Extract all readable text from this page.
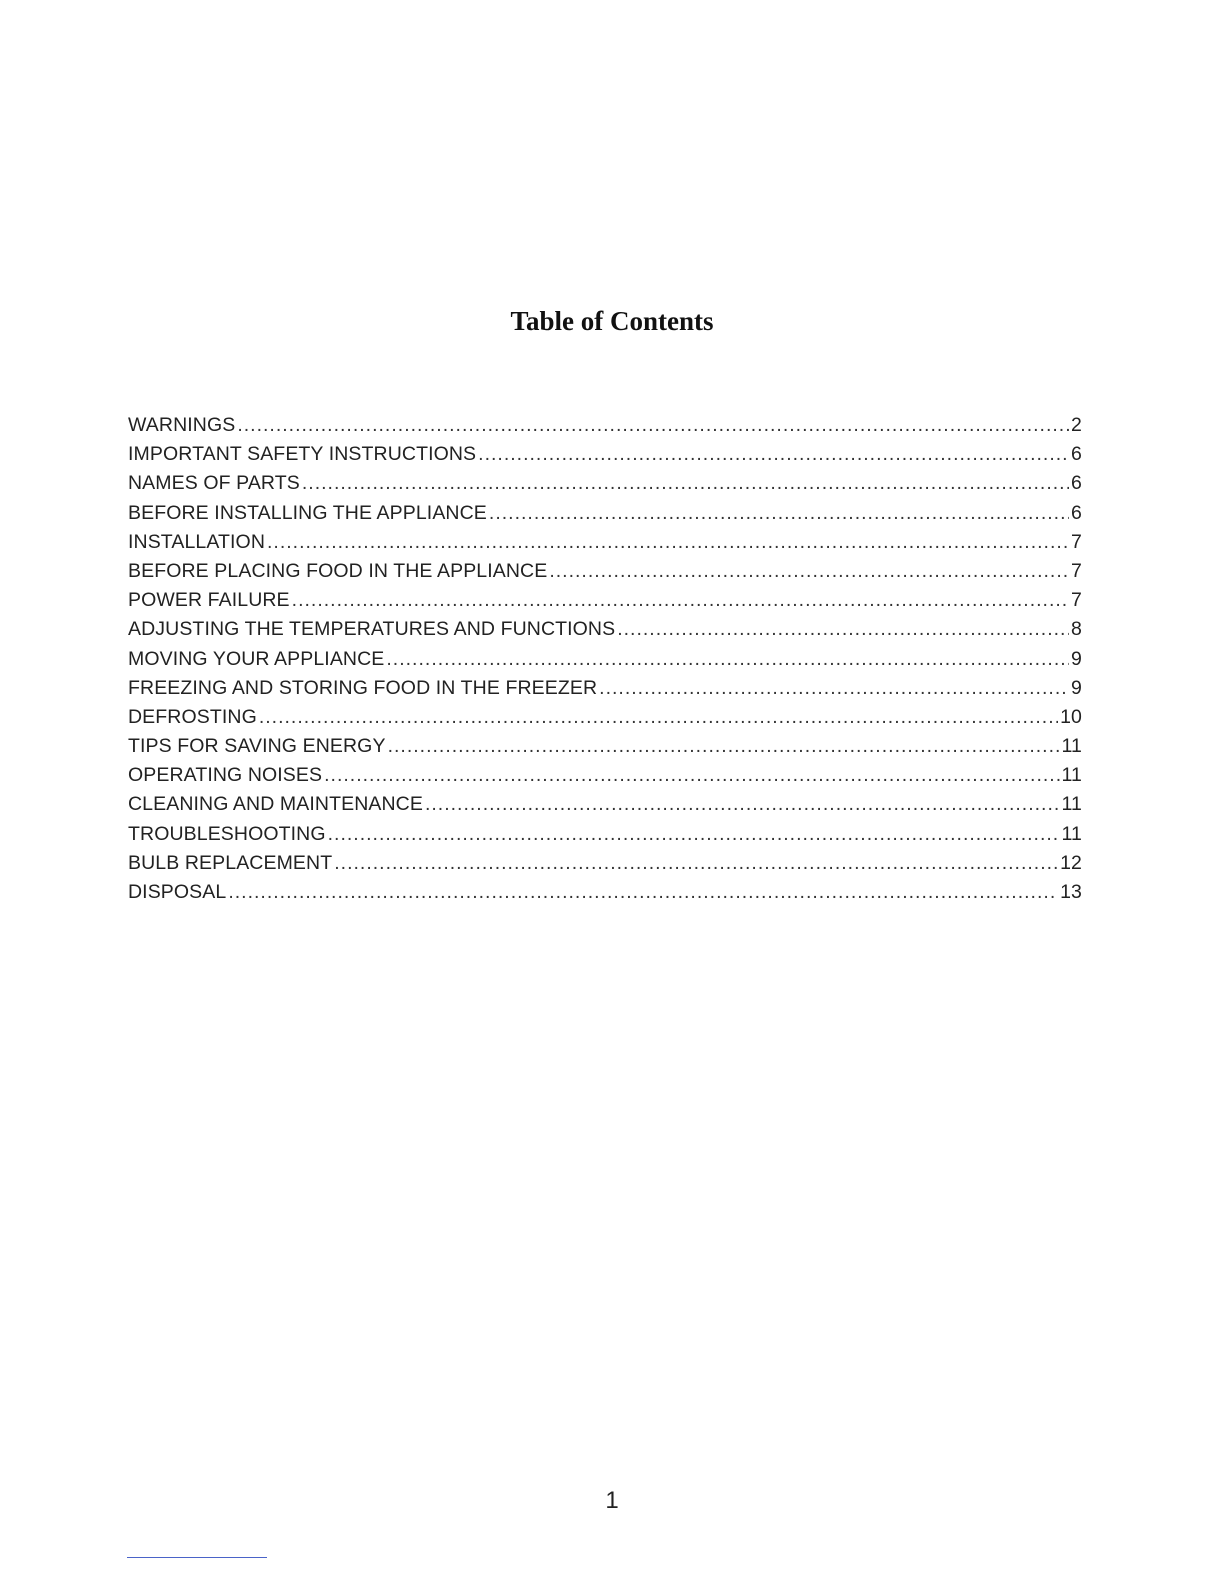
Table of Contents
WARNINGS .....	2
IMPORTANT SAFETY INSTRUCTIONS .....	6
NAMES OF PARTS .....	6
BEFORE INSTALLING THE APPLIANCE .....	6
INSTALLATION .....	7
BEFORE PLACING FOOD IN THE APPLIANCE .....	7
POWER FAILURE .....	7
ADJUSTING THE TEMPERATURES AND FUNCTIONS .....	8
MOVING YOUR APPLIANCE .....	9
FREEZING AND STORING FOOD IN THE FREEZER .....	9
DEFROSTING .....	10
TIPS FOR SAVING ENERGY .....	11
OPERATING NOISES .....	11
CLEANING AND MAINTENANCE .....	11
TROUBLESHOOTING .....	11
BULB REPLACEMENT .....	12
DISPOSAL .....	13
1
